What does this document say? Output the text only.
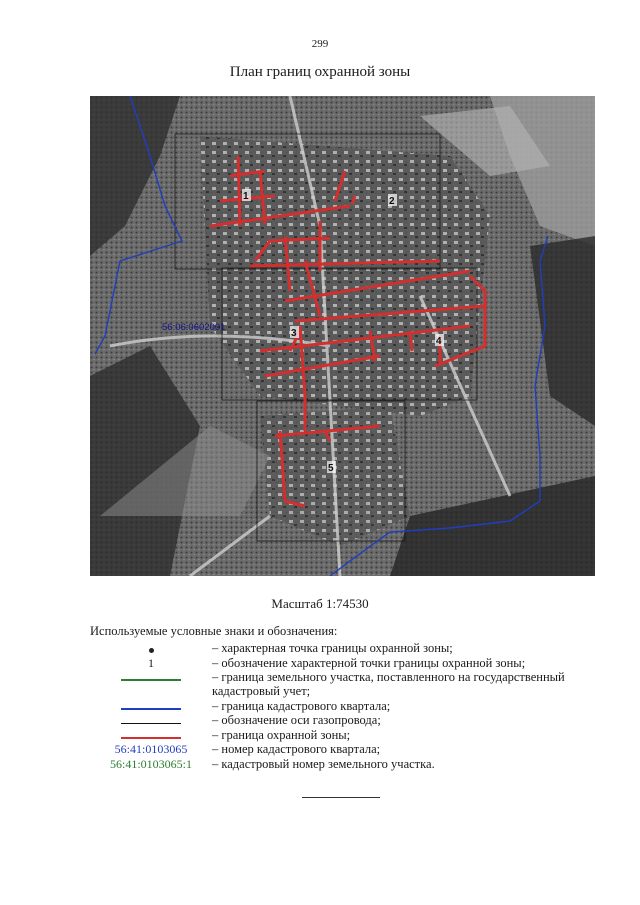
299
План границ охранной зоны
1	2
3
4
5
56:06:0602001
Масштаб 1:74530
Используемые условные знаки и обозначения:
– характерная точка границы охранной зоны;
1	– обозначение характерной точки границы охранной зоны;
– граница земельного участка, поставленного на государственный кадастровый учет;
– граница кадастрового квартала;
– обозначение оси газопровода;
– граница охранной зоны;
56:41:0103065 – номер кадастрового квартала;
56:41:0103065:1 – кадастровый номер земельного участка.
